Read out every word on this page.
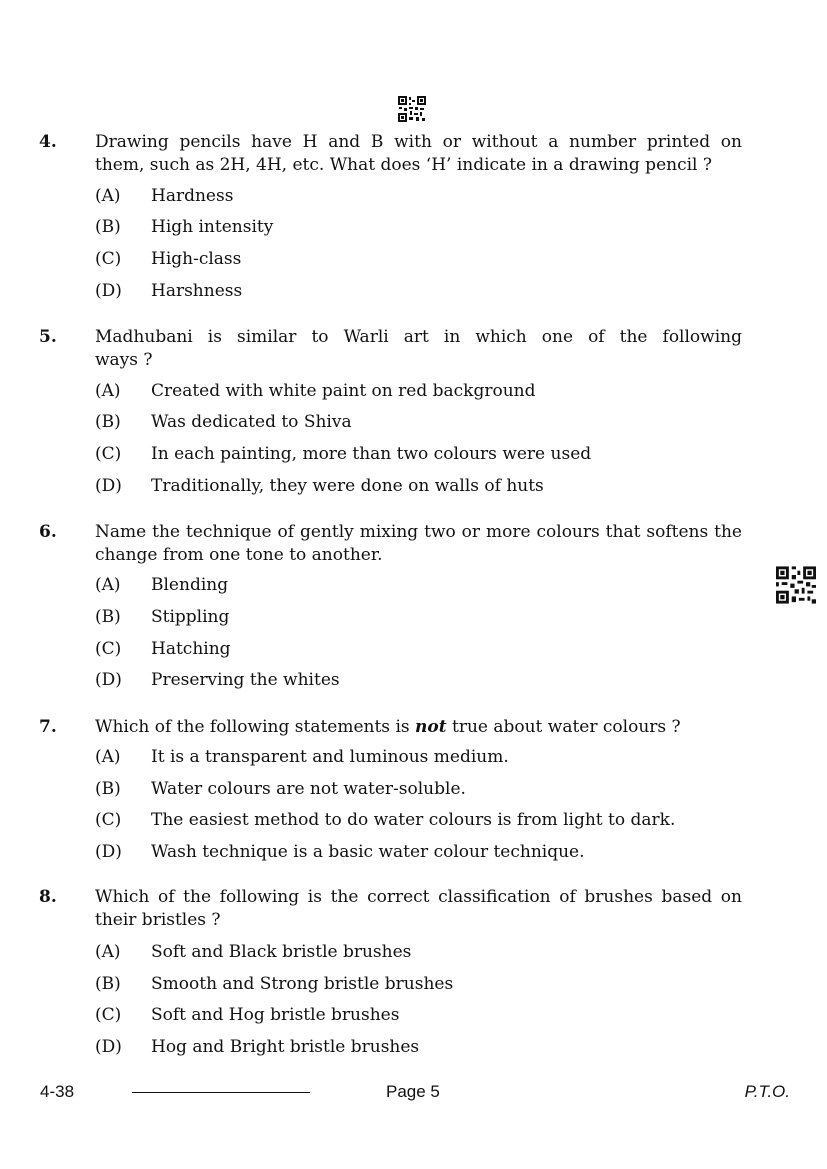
4. Drawing pencils have H and B with or without a number printed on
them, such as 2H, 4H, etc. What does ‘H’ indicate in a drawing pencil ?
(A) Hardness
(B) High intensity
(C) High-class
(D) Harshness
5. Madhubani is similar to Warli art in which one of the following
ways ?
(A) Created with white paint on red background
(B) Was dedicated to Shiva
(C) In each painting, more than two colours were used
(D) Traditionally, they were done on walls of huts
6. Name the technique of gently mixing two or more colours that softens the
change from one tone to another.
(A) Blending
(B) Stippling
(C) Hatching
(D) Preserving the whites
7. Which of the following statements is not true about water colours ?
(A) It is a transparent and luminous medium.
(B) Water colours are not water-soluble.
(C) The easiest method to do water colours is from light to dark.
(D) Wash technique is a basic water colour technique.
8. Which of the following is the correct classification of brushes based on
their bristles ?
(A) Soft and Black bristle brushes
(B) Smooth and Strong bristle brushes
(C) Soft and Hog bristle brushes
(D) Hog and Bright bristle brushes
4-38	Page 5	P.T.O.
